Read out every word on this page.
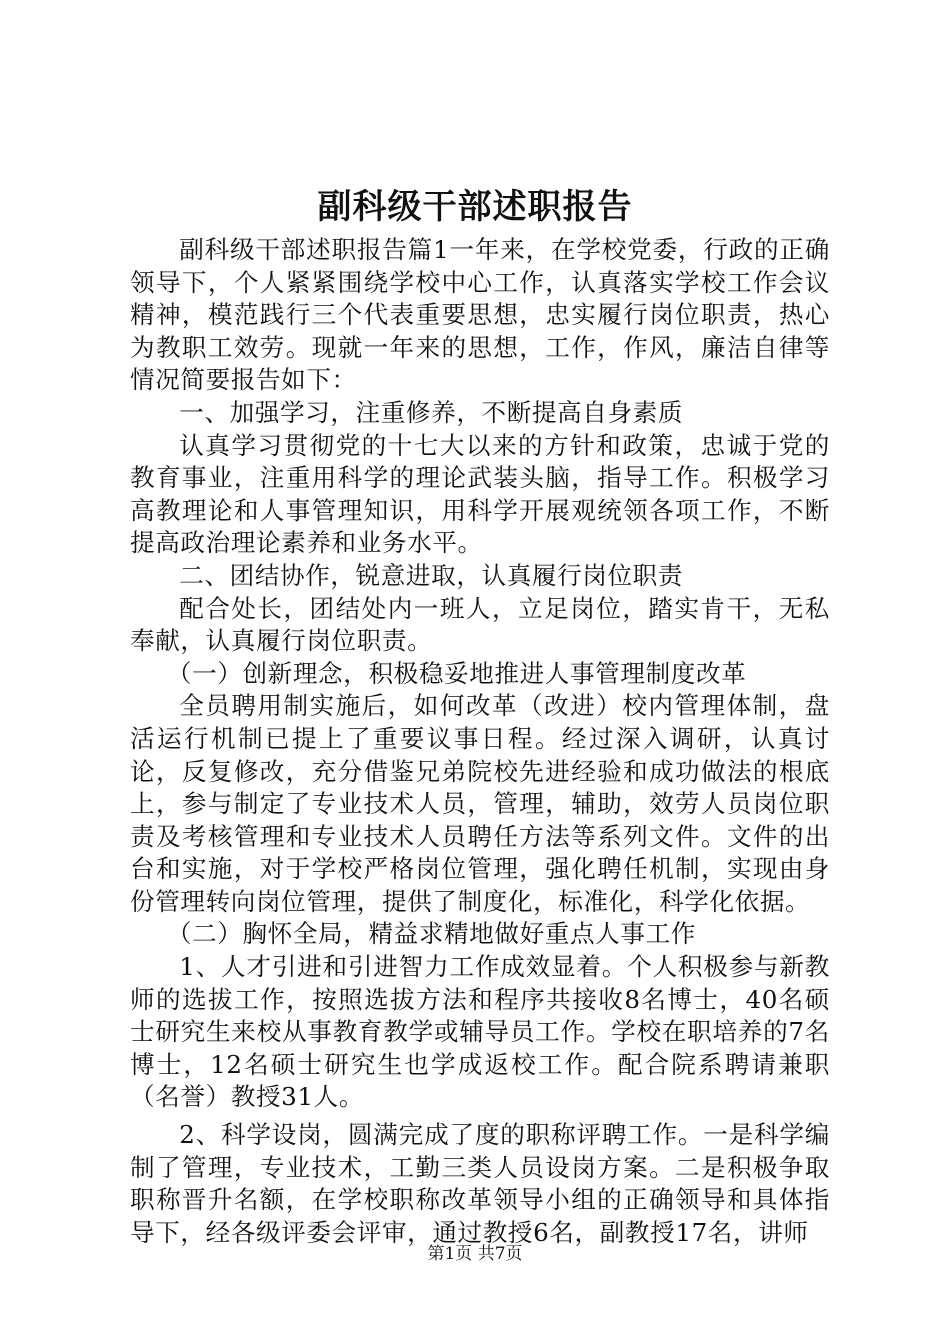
副科级干部述职报告

副科级干部述职报告篇1一年来，在学校党委，行政的正确领导下，个人紧紧围绕学校中心工作，认真落实学校工作会议精神，模范践行三个代表重要思想，忠实履行岗位职责，热心为教职工效劳。现就一年来的思想，工作，作风，廉洁自律等情况简要报告如下：

一、加强学习，注重修养，不断提高自身素质

认真学习贯彻党的十七大以来的方针和政策，忠诚于党的教育事业，注重用科学的理论武装头脑，指导工作。积极学习高教理论和人事管理知识，用科学开展观统领各项工作，不断提高政治理论素养和业务水平。

二、团结协作，锐意进取，认真履行岗位职责

配合处长，团结处内一班人，立足岗位，踏实肯干，无私奉献，认真履行岗位职责。

（一）创新理念，积极稳妥地推进人事管理制度改革

全员聘用制实施后，如何改革（改进）校内管理体制，盘活运行机制已提上了重要议事日程。经过深入调研，认真讨论，反复修改，充分借鉴兄弟院校先进经验和成功做法的根底上，参与制定了专业技术人员，管理，辅助，效劳人员岗位职责及考核管理和专业技术人员聘任方法等系列文件。文件的出台和实施，对于学校严格岗位管理，强化聘任机制，实现由身份管理转向岗位管理，提供了制度化，标准化，科学化依据。

（二）胸怀全局，精益求精地做好重点人事工作

1、人才引进和引进智力工作成效显着。个人积极参与新教师的选拔工作，按照选拔方法和程序共接收8名博士，40名硕士研究生来校从事教育教学或辅导员工作。学校在职培养的7名博士，12名硕士研究生也学成返校工作。配合院系聘请兼职（名誉）教授31人。

2、科学设岗，圆满完成了度的职称评聘工作。一是科学编制了管理，专业技术，工勤三类人员设岗方案。二是积极争取职称晋升名额，在学校职称改革领导小组的正确领导和具体指导下，经各级评委会评审，通过教授6名，副教授17名，讲师

第1页 共7页
